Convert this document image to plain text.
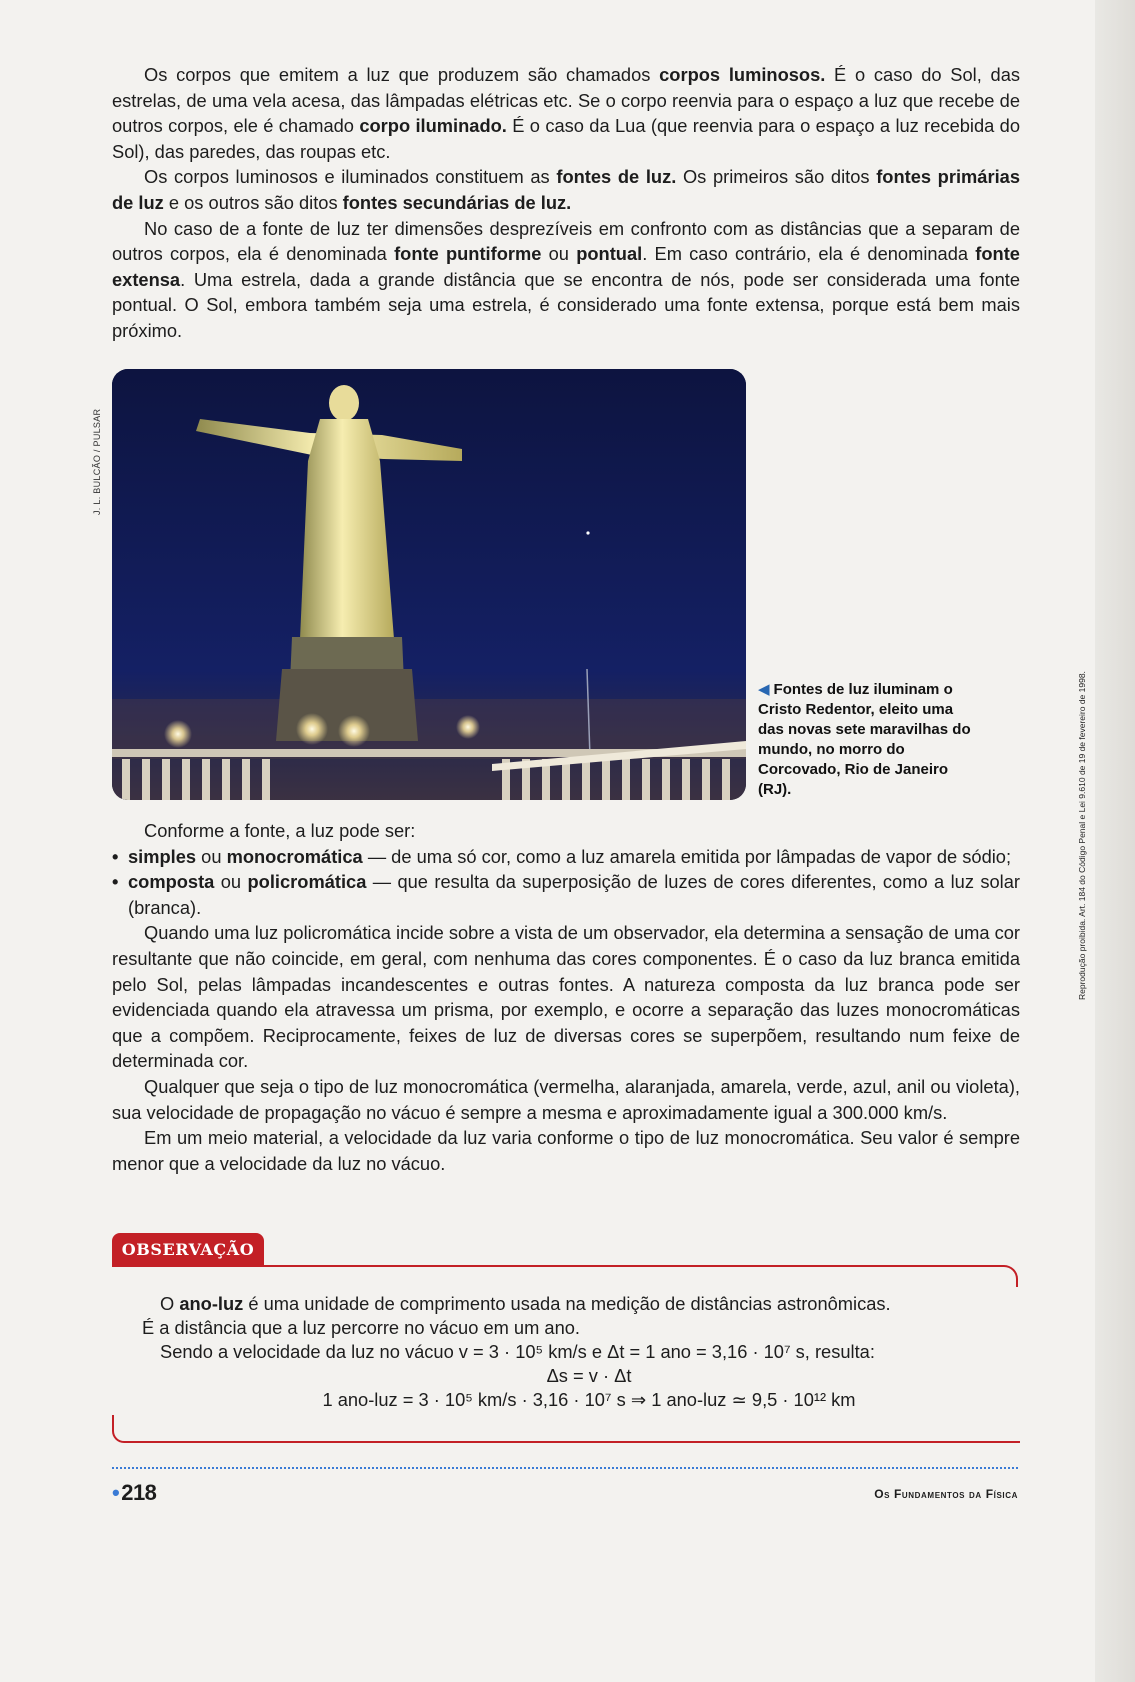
Os corpos que emitem a luz que produzem são chamados corpos luminosos. É o caso do Sol, das estrelas, de uma vela acesa, das lâmpadas elétricas etc. Se o corpo reenvia para o espaço a luz que recebe de outros corpos, ele é chamado corpo iluminado. É o caso da Lua (que reenvia para o espaço a luz recebida do Sol), das paredes, das roupas etc.

Os corpos luminosos e iluminados constituem as fontes de luz. Os primeiros são ditos fontes primárias de luz e os outros são ditos fontes secundárias de luz.

No caso de a fonte de luz ter dimensões desprezíveis em confronto com as distâncias que a separam de outros corpos, ela é denominada fonte puntiforme ou pontual. Em caso contrário, ela é denominada fonte extensa. Uma estrela, dada a grande distância que se encontra de nós, pode ser considerada uma fonte pontual. O Sol, embora também seja uma estrela, é considerado uma fonte extensa, porque está bem mais próximo.

J. L. BULCÃO / PULSAR
◀ Fontes de luz iluminam o Cristo Redentor, eleito uma das novas sete maravilhas do mundo, no morro do Corcovado, Rio de Janeiro (RJ).

Conforme a fonte, a luz pode ser:

• simples ou monocromática — de uma só cor, como a luz amarela emitida por lâmpadas de vapor de sódio;

• composta ou policromática — que resulta da superposição de luzes de cores diferentes, como a luz solar (branca).

Quando uma luz policromática incide sobre a vista de um observador, ela determina a sensação de uma cor resultante que não coincide, em geral, com nenhuma das cores componentes. É o caso da luz branca emitida pelo Sol, pelas lâmpadas incandescentes e outras fontes. A natureza composta da luz branca pode ser evidenciada quando ela atravessa um prisma, por exemplo, e ocorre a separação das luzes monocromáticas que a compõem. Reciprocamente, feixes de luz de diversas cores se superpõem, resultando num feixe de determinada cor.

Qualquer que seja o tipo de luz monocromática (vermelha, alaranjada, amarela, verde, azul, anil ou violeta), sua velocidade de propagação no vácuo é sempre a mesma e aproximadamente igual a 300.000 km/s.

Em um meio material, a velocidade da luz varia conforme o tipo de luz monocromática. Seu valor é sempre menor que a velocidade da luz no vácuo.

OBSERVAÇÃO
O ano-luz é uma unidade de comprimento usada na medição de distâncias astronômicas.
É a distância que a luz percorre no vácuo em um ano.
Sendo a velocidade da luz no vácuo v = 3 · 10⁵ km/s e Δt = 1 ano = 3,16 · 10⁷ s, resulta:
Δs = v · Δt
1 ano-luz = 3 · 10⁵ km/s · 3,16 · 10⁷ s ⇒ 1 ano-luz ≃ 9,5 · 10¹² km
•218	Os Fundamentos da Física
Reprodução proibida. Art. 184 do Código Penal e Lei 9.610 de 19 de fevereiro de 1998.
